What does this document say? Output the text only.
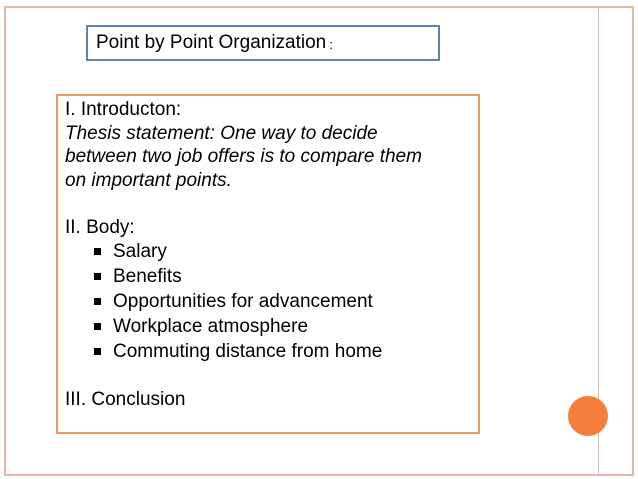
Point by Point Organization :

I. Introducton:

Thesis statement: One way to decide

between two job offers is to compare them

on important points.

II. Body:

Salary
Benefits
Opportunities for advancement
Workplace atmosphere
Commuting distance from home

III. Conclusion
